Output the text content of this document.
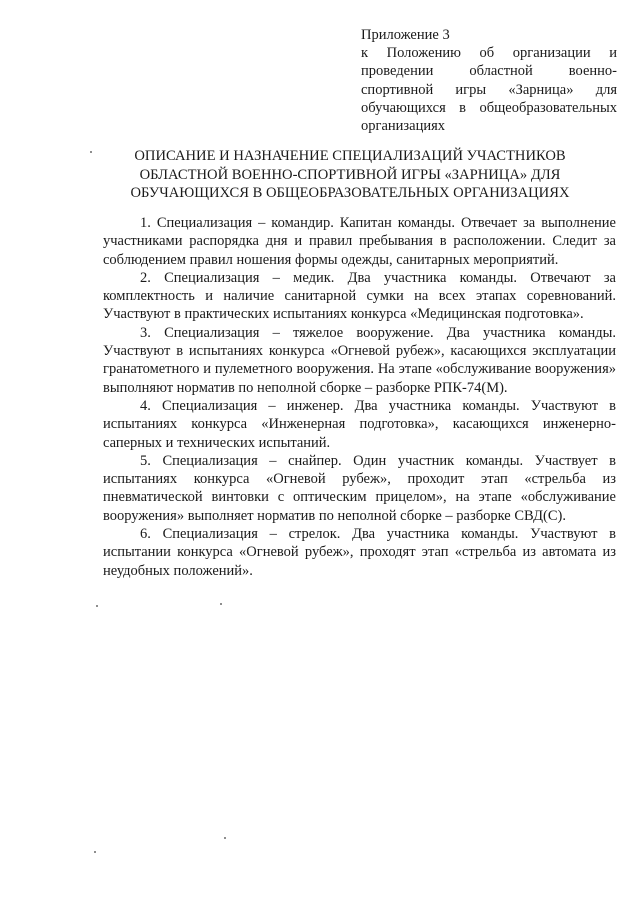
Приложение 3
к Положению об организации и проведении областной военно-спортивной игры «Зарница» для обучающихся в общеобразовательных организациях
ОПИСАНИЕ И НАЗНАЧЕНИЕ СПЕЦИАЛИЗАЦИЙ УЧАСТНИКОВ
ОБЛАСТНОЙ ВОЕННО-СПОРТИВНОЙ ИГРЫ «ЗАРНИЦА» ДЛЯ
ОБУЧАЮЩИХСЯ В ОБЩЕОБРАЗОВАТЕЛЬНЫХ ОРГАНИЗАЦИЯХ

1. Специализация – командир. Капитан команды. Отвечает за выполнение участниками распорядка дня и правил пребывания в расположении. Следит за соблюдением правил ношения формы одежды, санитарных мероприятий.

2. Специализация – медик. Два участника команды. Отвечают за комплектность и наличие санитарной сумки на всех этапах соревнований. Участвуют в практических испытаниях конкурса «Медицинская подготовка».

3. Специализация – тяжелое вооружение. Два участника команды. Участвуют в испытаниях конкурса «Огневой рубеж», касающихся эксплуатации гранатометного и пулеметного вооружения. На этапе «обслуживание вооружения» выполняют норматив по неполной сборке – разборке РПК-74(М).

4. Специализация – инженер. Два участника команды. Участвуют в испытаниях конкурса «Инженерная подготовка», касающихся инженерно-саперных и технических испытаний.

5. Специализация – снайпер. Один участник команды. Участвует в испытаниях конкурса «Огневой рубеж», проходит этап «стрельба из пневматической винтовки с оптическим прицелом», на этапе «обслуживание вооружения» выполняет норматив по неполной сборке – разборке СВД(С).

6. Специализация – стрелок. Два участника команды. Участвуют в испытании конкурса «Огневой рубеж», проходят этап «стрельба из автомата из неудобных положений».
